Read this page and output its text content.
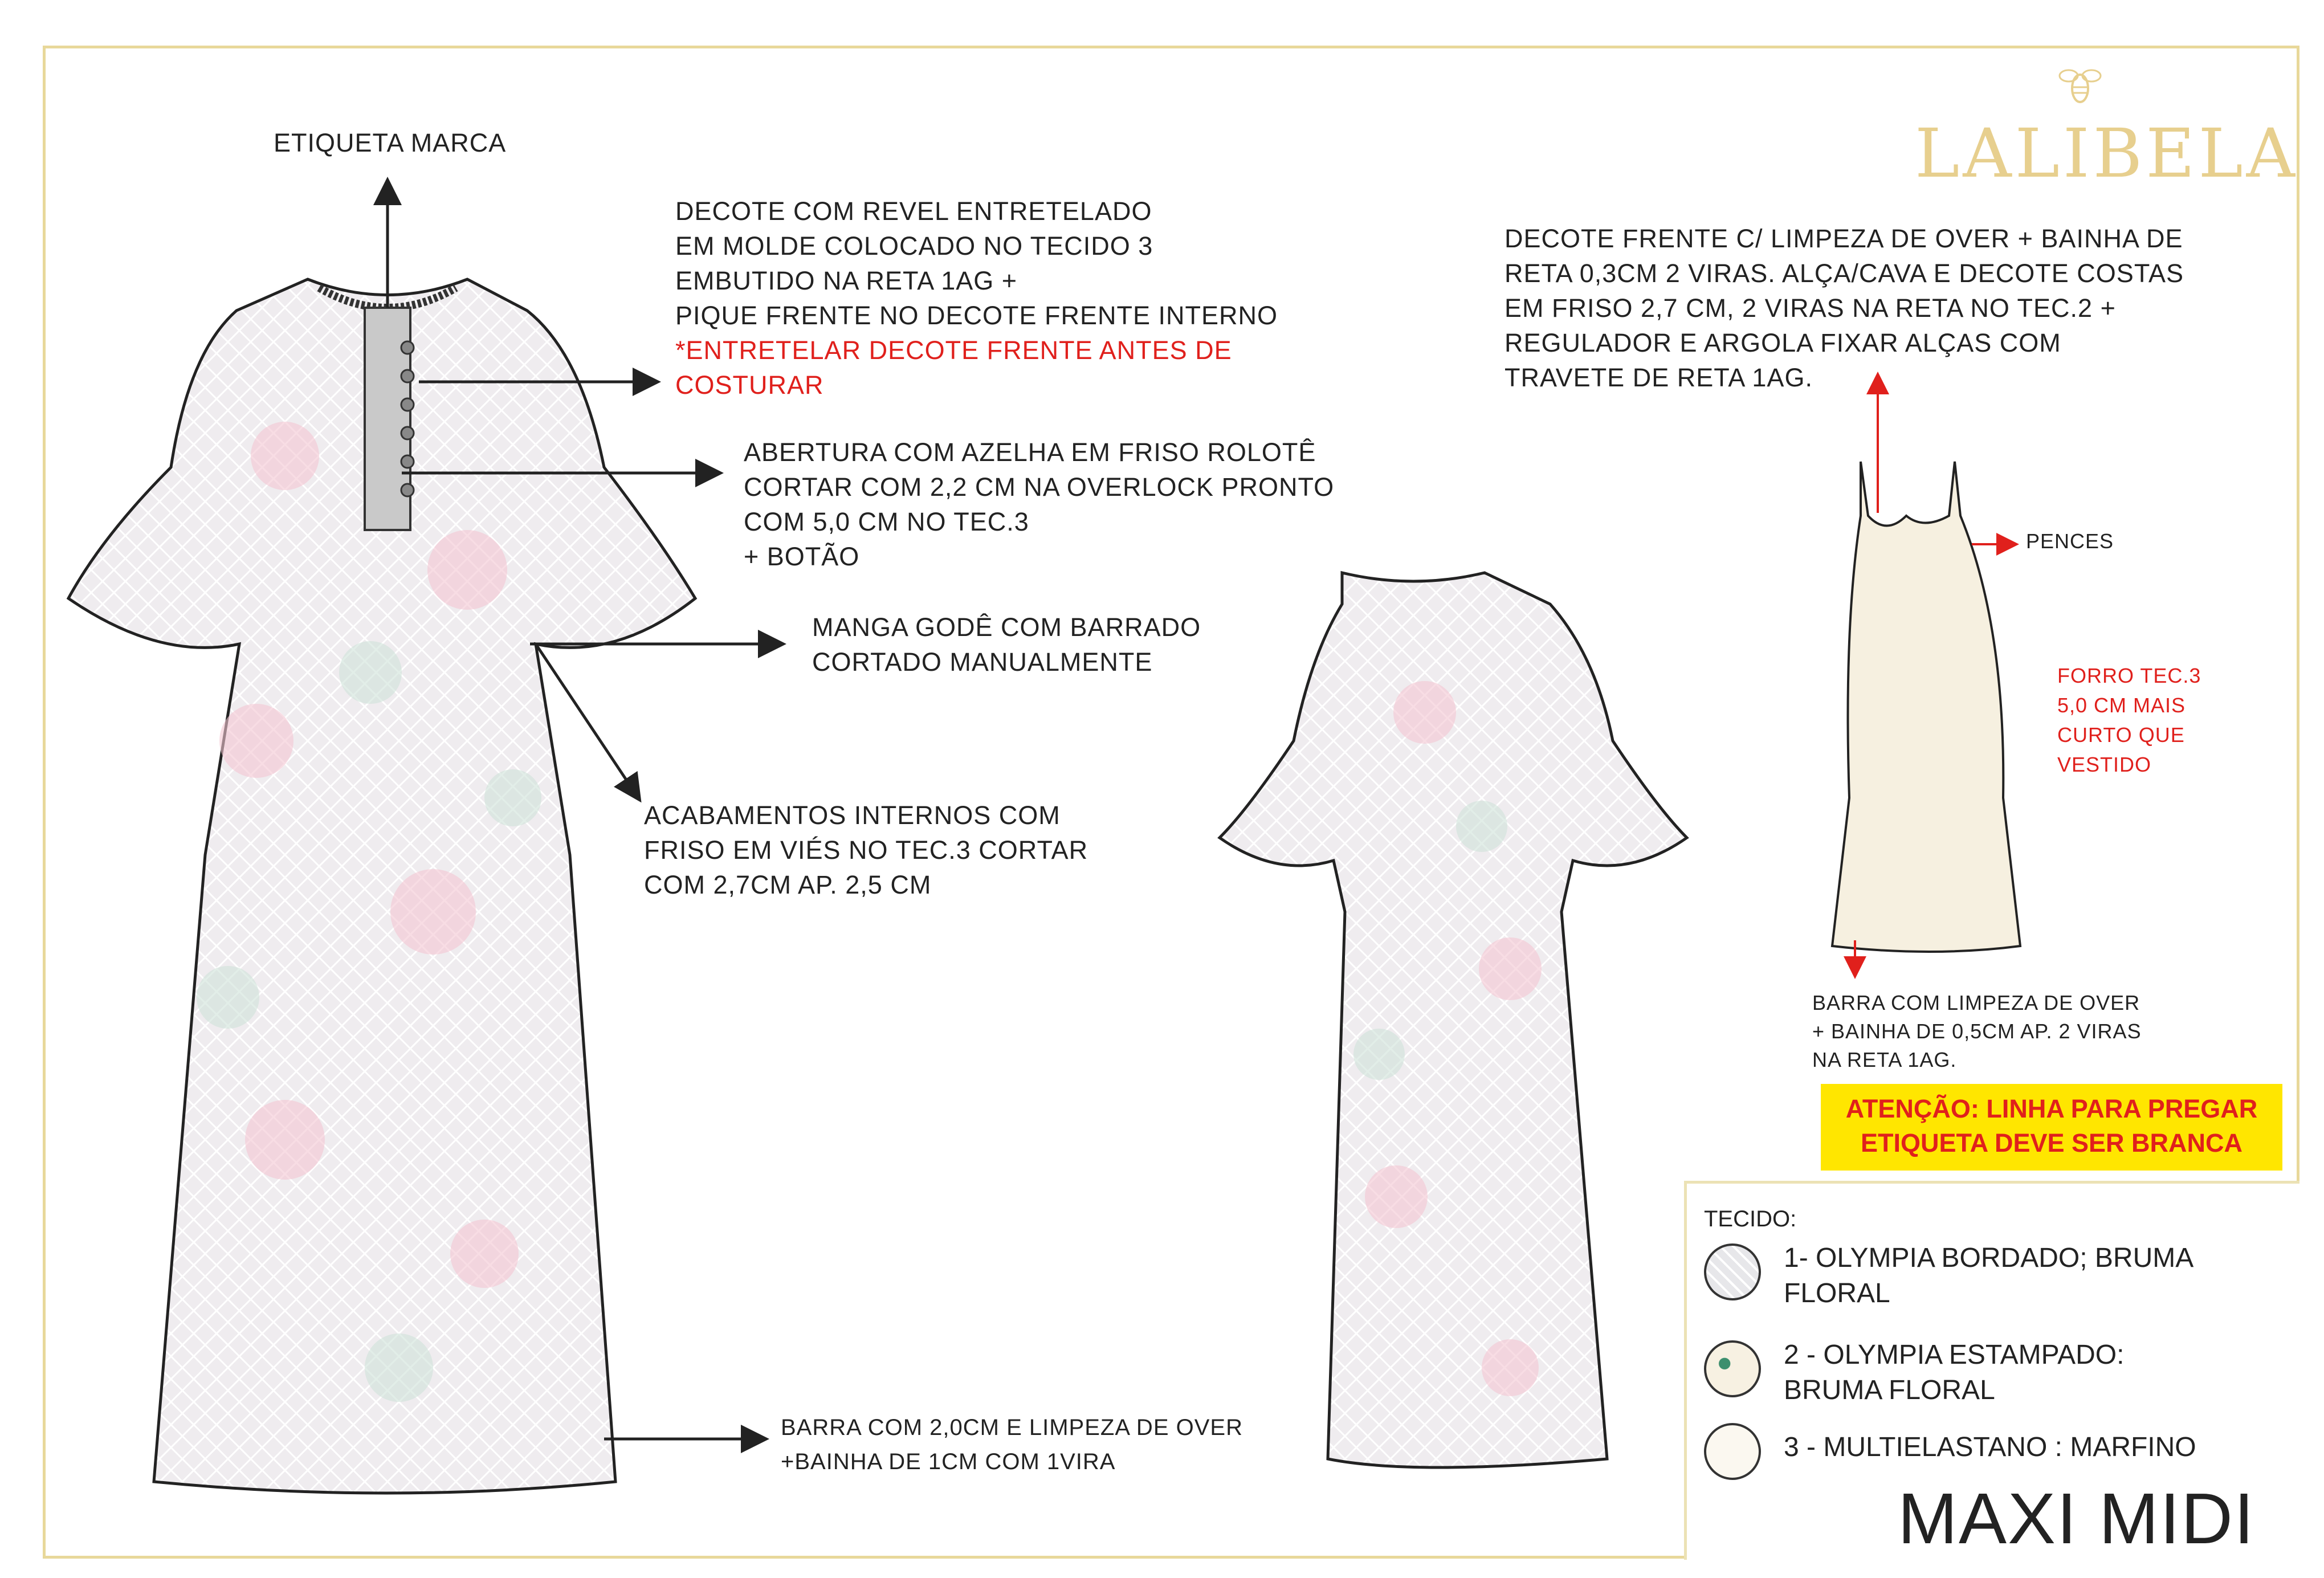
LALIBELA
ETIQUETA MARCA
DECOTE COM REVEL ENTRETELADO
EM MOLDE COLOCADO NO TECIDO 3
EMBUTIDO NA RETA 1AG +
PIQUE FRENTE NO DECOTE FRENTE INTERNO
*ENTRETELAR DECOTE FRENTE ANTES DE
COSTURAR
ABERTURA COM AZELHA EM FRISO ROLOTÊ
CORTAR COM 2,2 CM NA OVERLOCK PRONTO
COM 5,0 CM NO TEC.3
+ BOTÃO
MANGA GODÊ COM BARRADO
CORTADO MANUALMENTE
ACABAMENTOS INTERNOS COM
FRISO EM VIÉS NO TEC.3 CORTAR
COM 2,7CM AP. 2,5 CM
BARRA COM 2,0CM E LIMPEZA DE OVER
+BAINHA DE 1CM COM 1VIRA
DECOTE FRENTE C/ LIMPEZA DE OVER + BAINHA DE
RETA 0,3CM 2 VIRAS. ALÇA/CAVA E DECOTE COSTAS
EM FRISO 2,7 CM, 2 VIRAS NA RETA NO TEC.2 +
REGULADOR E ARGOLA FIXAR ALÇAS COM
TRAVETE DE RETA 1AG.
PENCES
FORRO TEC.3
5,0 CM MAIS
CURTO QUE
VESTIDO
BARRA COM LIMPEZA DE OVER
+ BAINHA DE 0,5CM AP. 2 VIRAS
NA RETA 1AG.
ATENÇÃO: LINHA PARA PREGAR
ETIQUETA DEVE SER BRANCA
TECIDO:
1- OLYMPIA BORDADO; BRUMA
FLORAL
2 - OLYMPIA ESTAMPADO:
BRUMA FLORAL
3 - MULTIELASTANO : MARFINO
MAXI MIDI
